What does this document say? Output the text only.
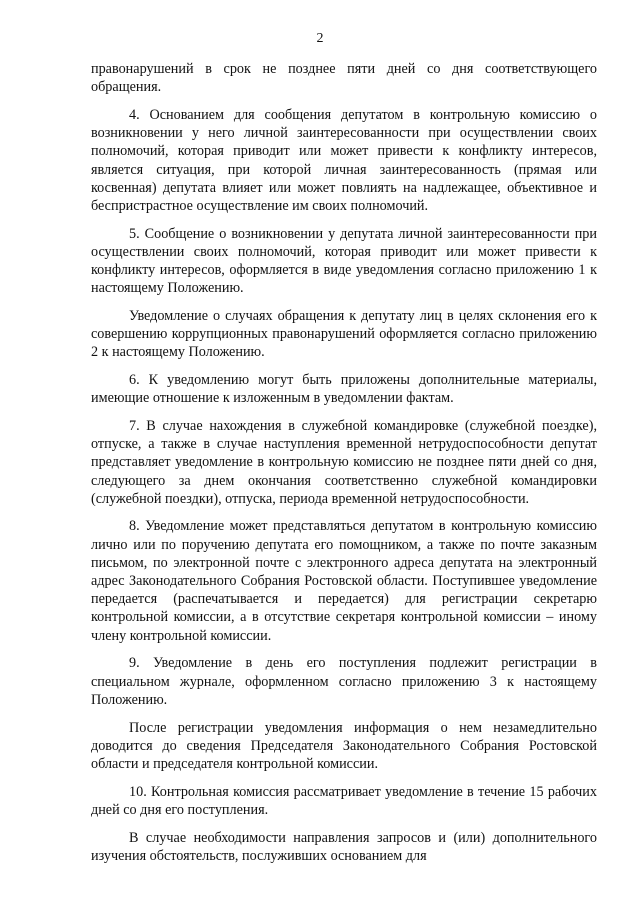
2

правонарушений в срок не позднее пяти дней со дня соответствующего обращения.

4. Основанием для сообщения депутатом в контрольную комиссию о возникновении у него личной заинтересованности при осуществлении своих полномочий, которая приводит или может привести к конфликту интересов, является ситуация, при которой личная заинтересованность (прямая или косвенная) депутата влияет или может повлиять на надлежащее, объективное и беспристрастное осуществление им своих полномочий.

5. Сообщение о возникновении у депутата личной заинтересованности при осуществлении своих полномочий, которая приводит или может привести к конфликту интересов, оформляется в виде уведомления согласно приложению 1 к настоящему Положению.

Уведомление о случаях обращения к депутату лиц в целях склонения его к совершению коррупционных правонарушений оформляется согласно приложению 2 к настоящему Положению.

6. К уведомлению могут быть приложены дополнительные материалы, имеющие отношение к изложенным в уведомлении фактам.

7. В случае нахождения в служебной командировке (служебной поездке), отпуске, а также в случае наступления временной нетрудоспособности депутат представляет уведомление в контрольную комиссию не позднее пяти дней со дня, следующего за днем окончания соответственно служебной командировки (служебной поездки), отпуска, периода временной нетрудоспособности.

8. Уведомление может представляться депутатом в контрольную комиссию лично или по поручению депутата его помощником, а также по почте заказным письмом, по электронной почте с электронного адреса депутата на электронный адрес Законодательного Собрания Ростовской области. Поступившее уведомление передается (распечатывается и передается) для регистрации секретарю контрольной комиссии, а в отсутствие секретаря контрольной комиссии – иному члену контрольной комиссии.

9. Уведомление в день его поступления подлежит регистрации в специальном журнале, оформленном согласно приложению 3 к настоящему Положению.

После регистрации уведомления информация о нем незамедлительно доводится до сведения Председателя Законодательного Собрания Ростовской области и председателя контрольной комиссии.

10. Контрольная комиссия рассматривает уведомление в течение 15 рабочих дней со дня его поступления.

В случае необходимости направления запросов и (или) дополнительного изучения обстоятельств, послуживших основанием для
